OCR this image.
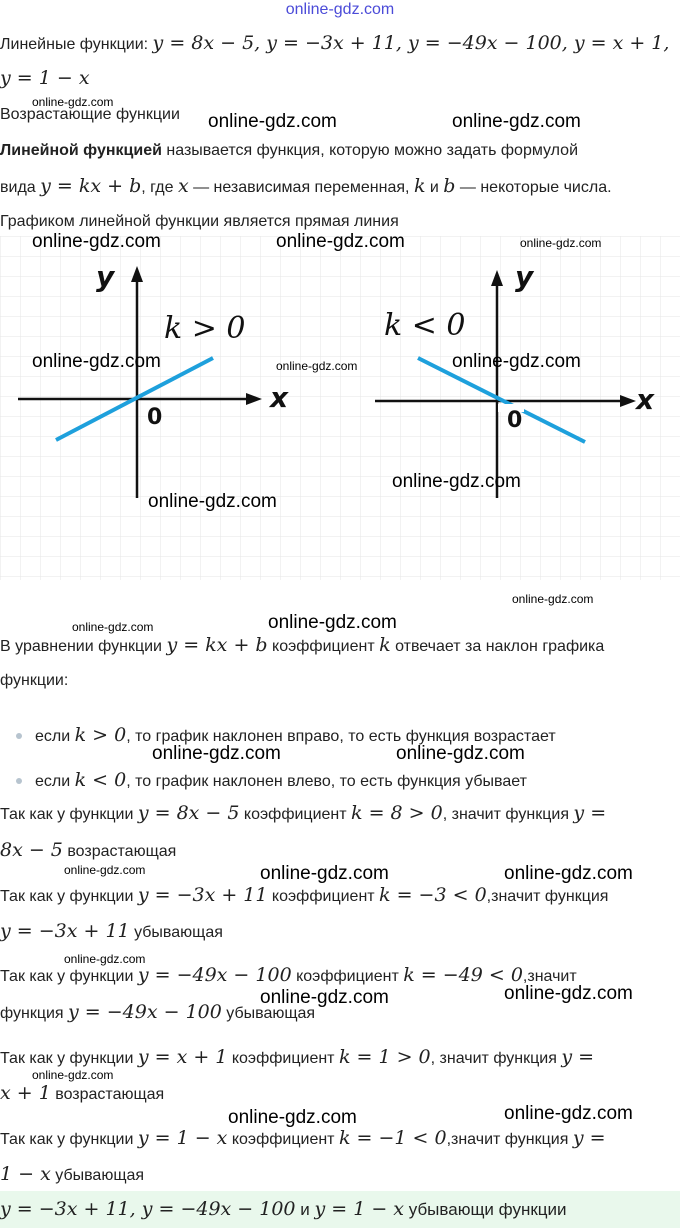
online-gdz.com
Линейные функции: y = 8x − 5, y = −3x + 11, y = −49x − 100, y = x + 1,
y = 1 − x
Возрастающие функции
Линейной функцией называется функция, которую можно задать формулой
вида y = kx + b, где x — независимая переменная, k и b — некоторые числа.
Графиком линейной функции является прямая линия
y
x
0
k > 0
y
x
0
k < 0
В уравнении функции y = kx + b коэффициент k отвечает за наклон графика
функции:
если k > 0, то график наклонен вправо, то есть функция возрастает
если k < 0, то график наклонен влево, то есть функция убывает
Так как у функции y = 8x − 5 коэффициент k = 8 > 0, значит функция y =
8x − 5 возрастающая
Так как у функции y = −3x + 11 коэффициент k = −3 < 0,значит функция
y = −3x + 11 убывающая
Так как у функции y = −49x − 100 коэффициент k = −49 < 0,значит
функция y = −49x − 100 убывающая
Так как у функции y = x + 1 коэффициент k = 1 > 0, значит функция y =
x + 1 возрастающая
Так как у функции y = 1 − x коэффициент k = −1 < 0,значит функция y =
1 − x убывающая
y = −3x + 11, y = −49x − 100 и y = 1 − x убывающи функции
online-gdz.com
online-gdz.com	online-gdz.com
online-gdz.com	online-gdz.com	online-gdz.com
online-gdz.com	online-gdz.com	online-gdz.com
online-gdz.com
online-gdz.com
online-gdz.com
online-gdz.com
online-gdz.com
online-gdz.com	online-gdz.com
online-gdz.com	online-gdz.com	online-gdz.com
online-gdz.com
online-gdz.com	online-gdz.com
online-gdz.com
online-gdz.com	online-gdz.com
